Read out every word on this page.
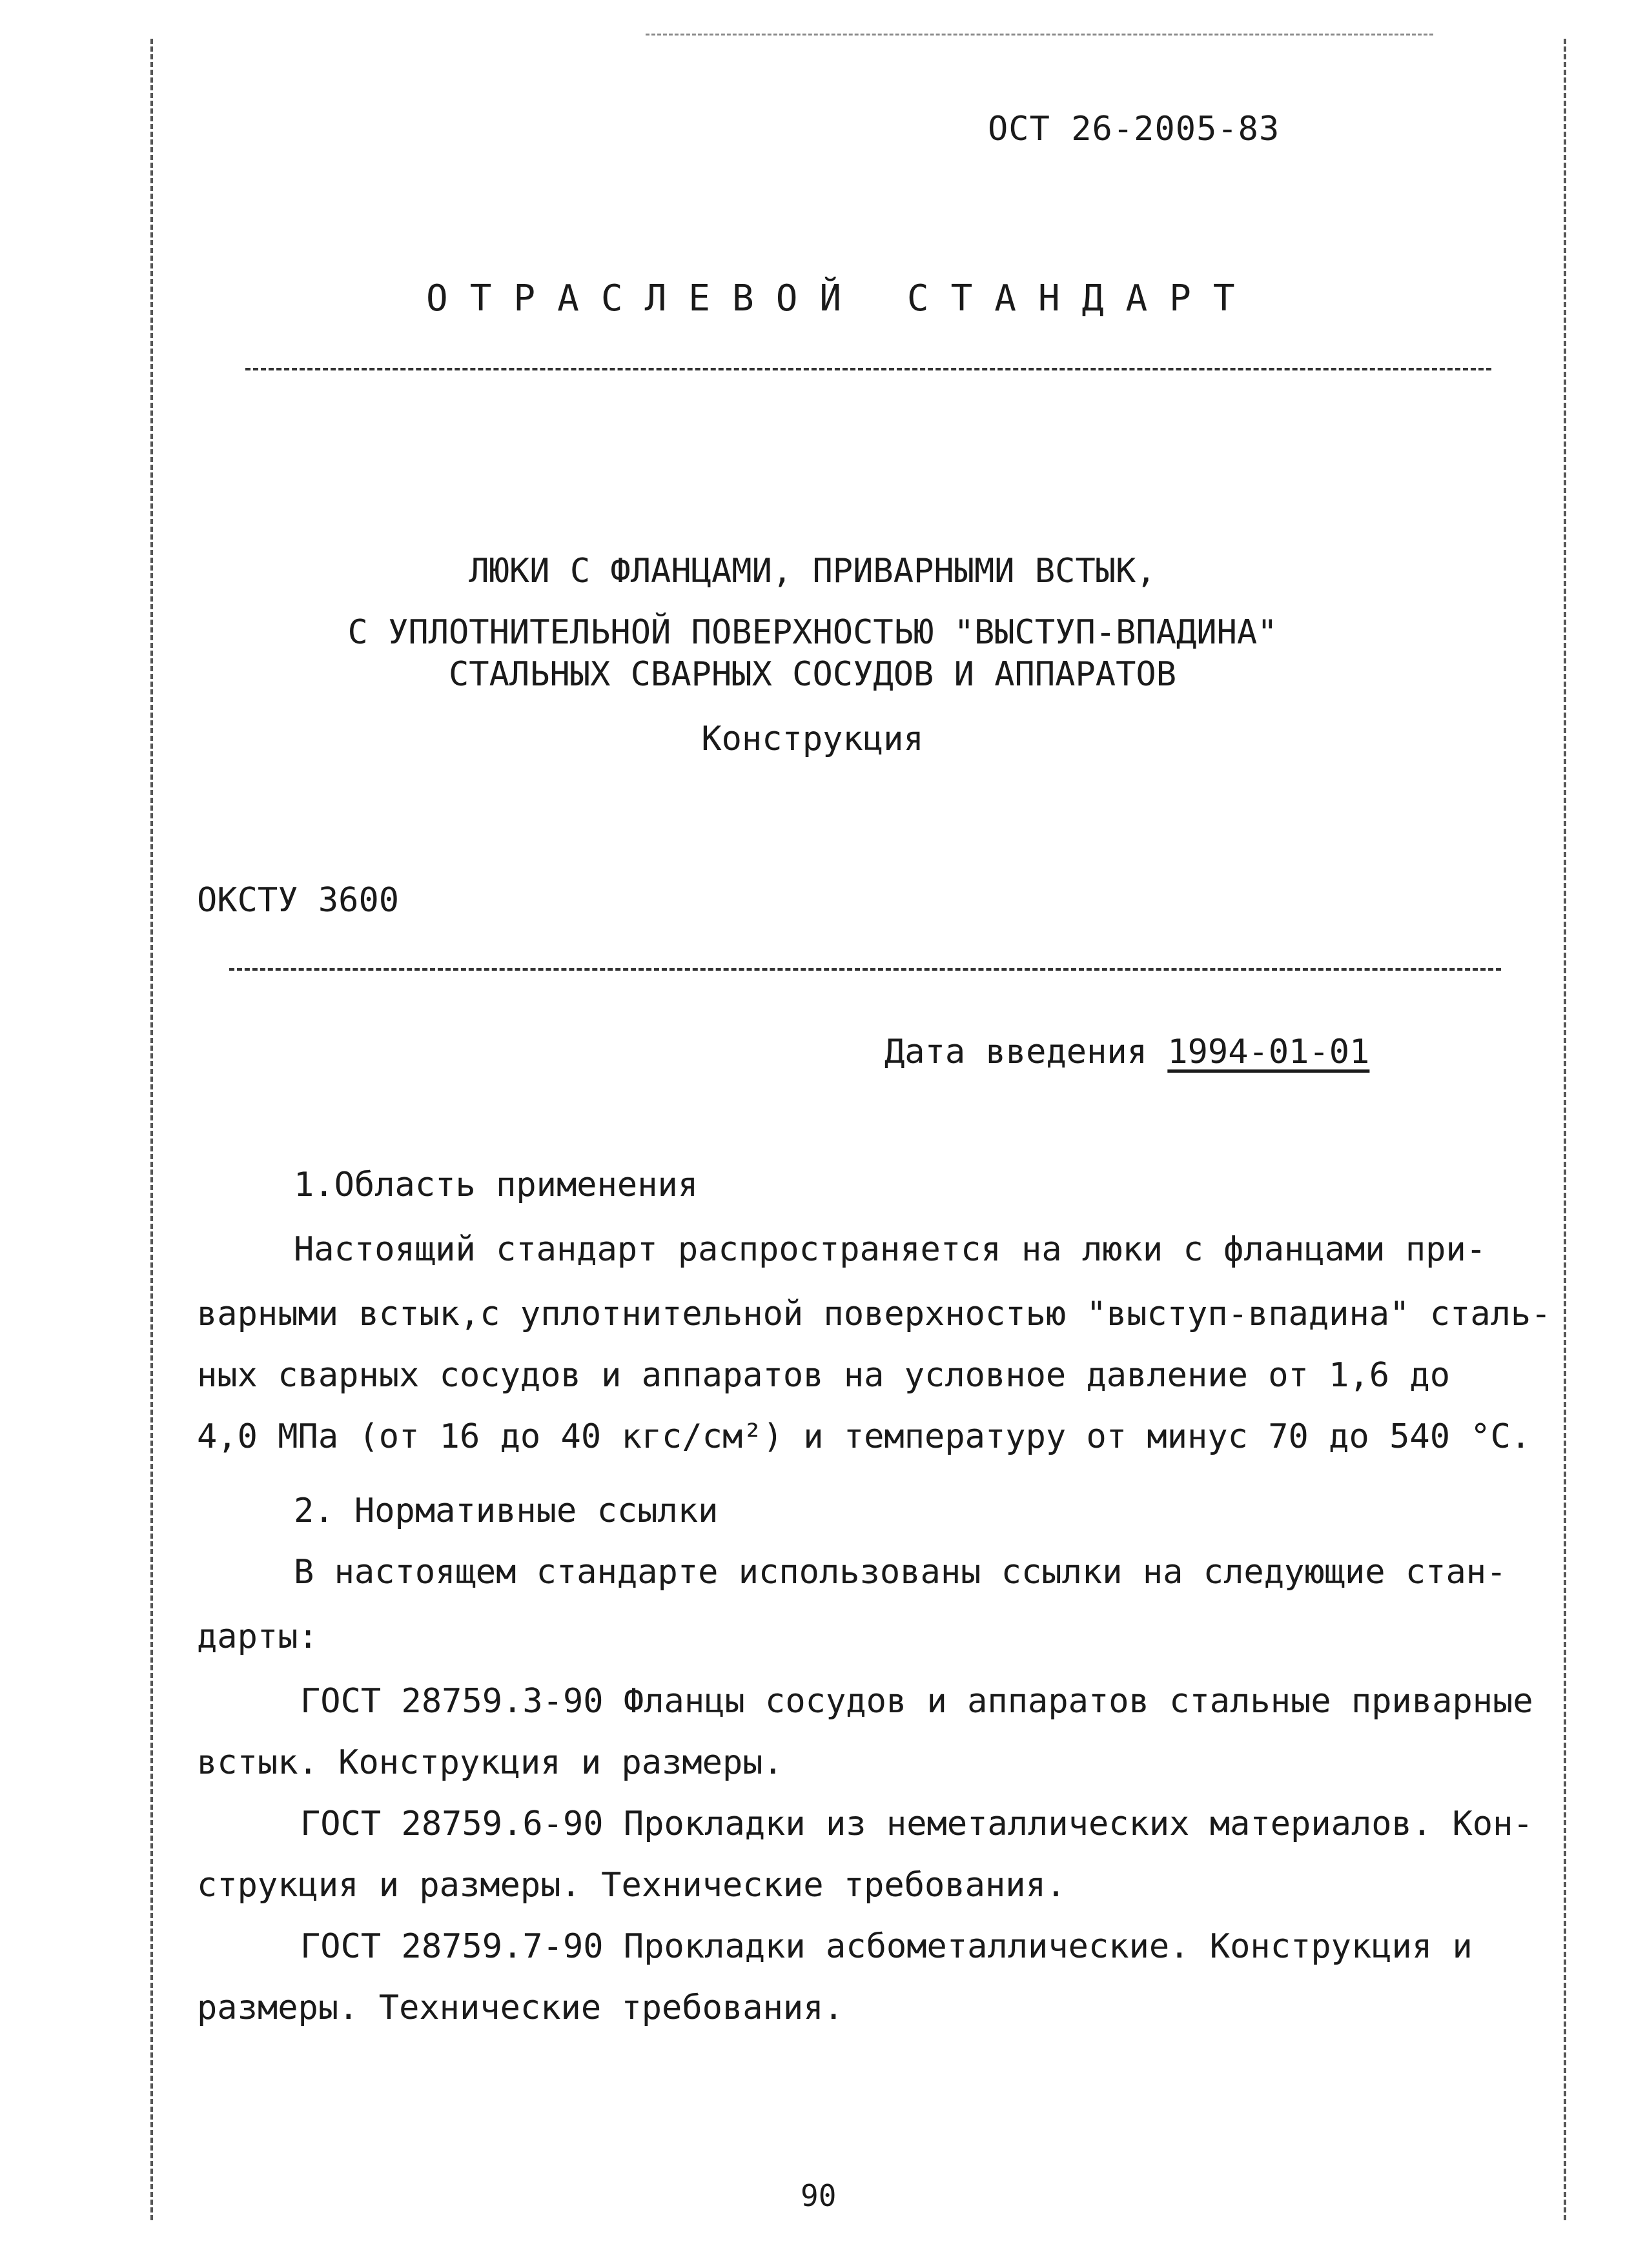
ОСТ 26-2005-83
ОТРАСЛЕВОЙ СТАНДАРТ
ЛЮКИ С ФЛАНЦАМИ, ПРИВАРНЫМИ ВСТЫК,
С УПЛОТНИТЕЛЬНОЙ ПОВЕРХНОСТЬЮ "ВЫСТУП-ВПАДИНА"
СТАЛЬНЫХ СВАРНЫХ СОСУДОВ И АППАРАТОВ
Конструкция
ОКСТУ 3600
Дата введения 1994-01-01
1.Область применения
Настоящий стандарт распространяется на люки с фланцами при-
варными встык,с уплотнительной поверхностью "выступ-впадина" сталь-
ных сварных сосудов и аппаратов на условное давление от 1,6 до
4,0 МПа (от 16 до 40 кгс/см²) и температуру от минус 70 до 540 °С.
2. Нормативные ссылки
В настоящем стандарте использованы ссылки на следующие стан-
дарты:
ГОСТ 28759.3-90 Фланцы сосудов и аппаратов стальные приварные
встык. Конструкция и размеры.
ГОСТ 28759.6-90 Прокладки из неметаллических материалов. Кон-
струкция и размеры. Технические требования.
ГОСТ 28759.7-90 Прокладки асбометаллические. Конструкция и
размеры. Технические требования.
90
